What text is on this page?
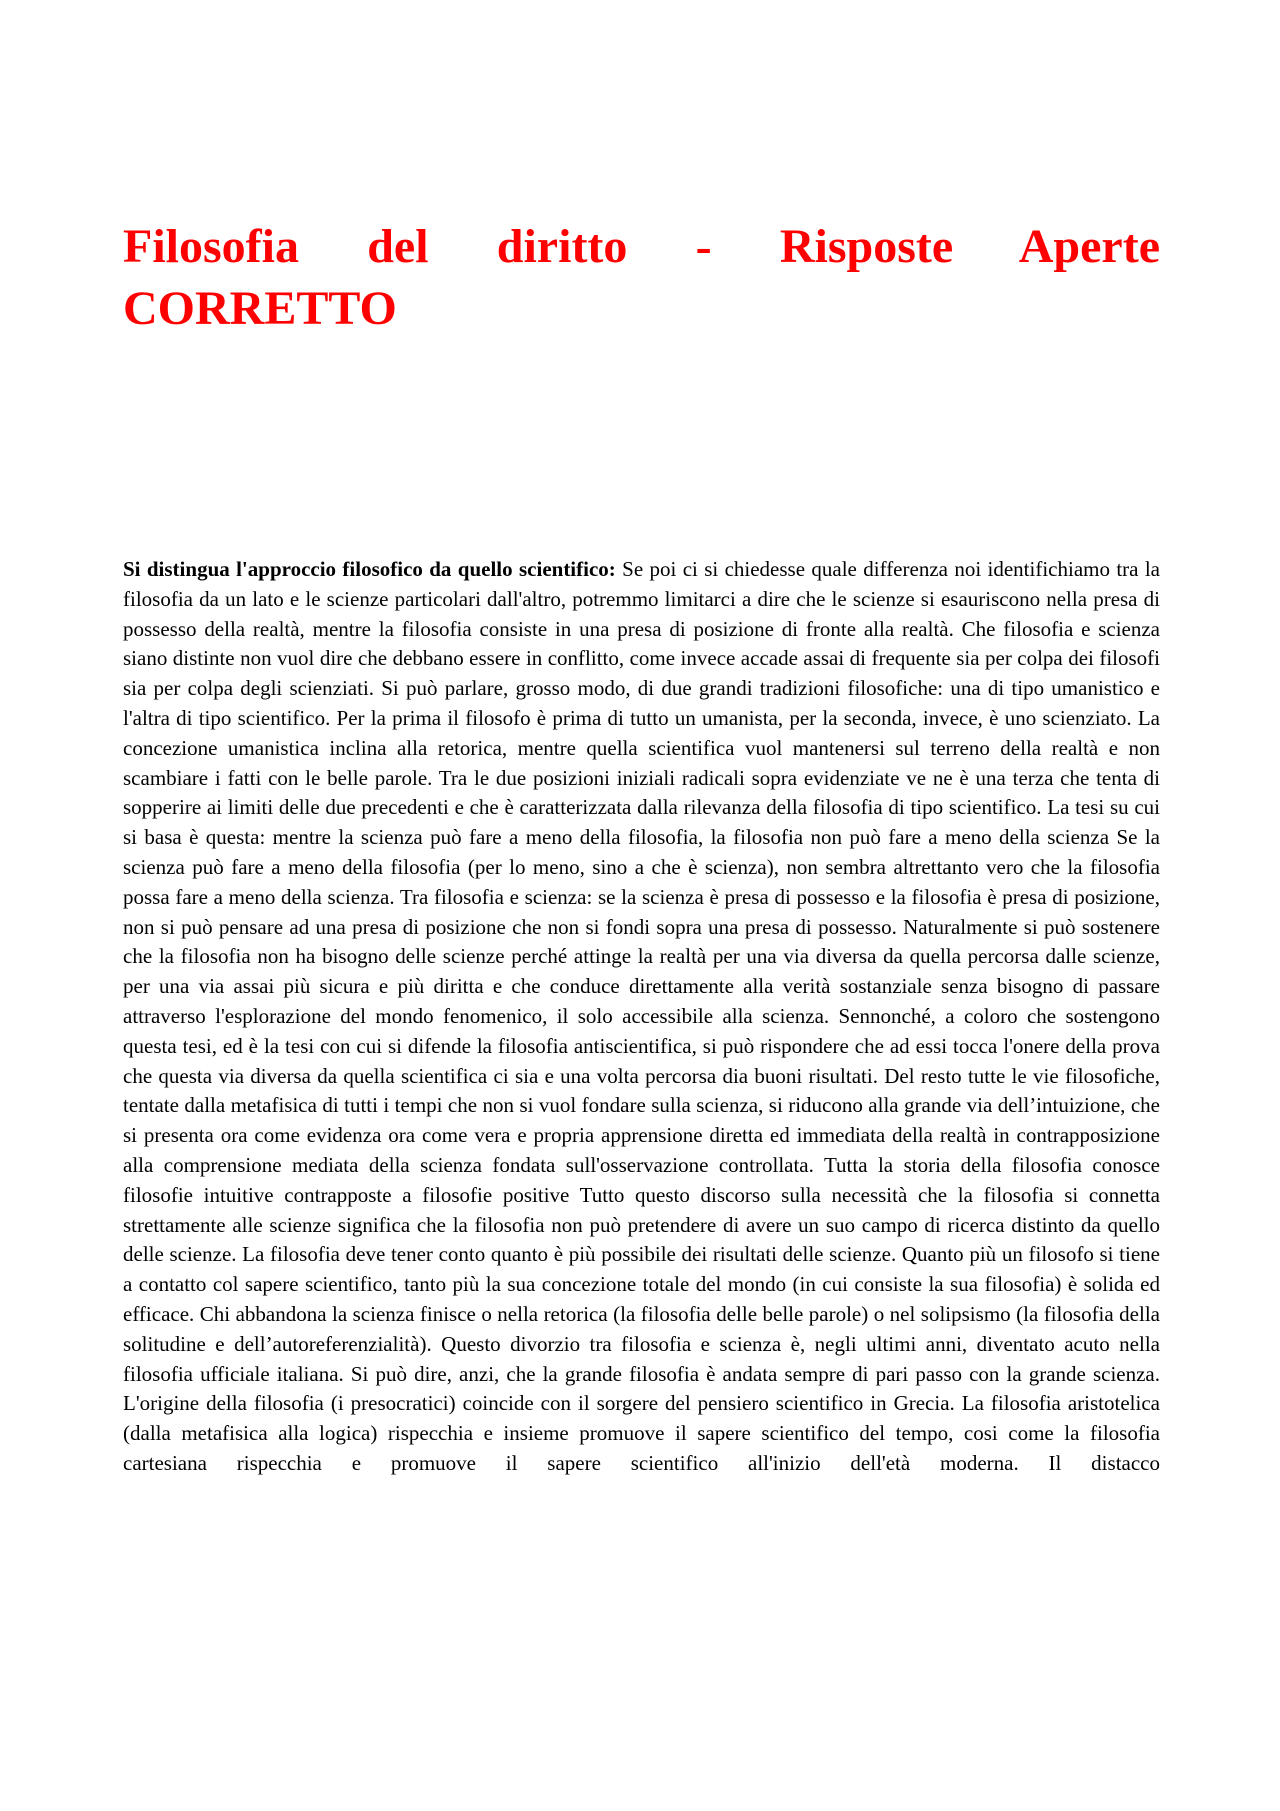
Filosofia del diritto - Risposte Aperte CORRETTO

Si distingua l'approccio filosofico da quello scientifico: Se poi ci si chiedesse quale differenza noi identifichiamo tra la filosofia da un lato e le scienze particolari dall'altro, potremmo limitarci a dire che le scienze si esauriscono nella presa di possesso della realtà, mentre la filosofia consiste in una presa di posizione di fronte alla realtà. Che filosofia e scienza siano distinte non vuol dire che debbano essere in conflitto, come invece accade assai di frequente sia per colpa dei filosofi sia per colpa degli scienziati. Si può parlare, grosso modo, di due grandi tradizioni filosofiche: una di tipo umanistico e l'altra di tipo scientifico. Per la prima il filosofo è prima di tutto un umanista, per la seconda, invece, è uno scienziato. La concezione umanistica inclina alla retorica, mentre quella scientifica vuol mantenersi sul terreno della realtà e non scambiare i fatti con le belle parole. Tra le due posizioni iniziali radicali sopra evidenziate ve ne è una terza che tenta di sopperire ai limiti delle due precedenti e che è caratterizzata dalla rilevanza della filosofia di tipo scientifico. La tesi su cui si basa è questa: mentre la scienza può fare a meno della filosofia, la filosofia non può fare a meno della scienza Se la scienza può fare a meno della filosofia (per lo meno, sino a che è scienza), non sembra altrettanto vero che la filosofia possa fare a meno della scienza. Tra filosofia e scienza: se la scienza è presa di possesso e la filosofia è presa di posizione, non si può pensare ad una presa di posizione che non si fondi sopra una presa di possesso. Naturalmente si può sostenere che la filosofia non ha bisogno delle scienze perché attinge la realtà per una via diversa da quella percorsa dalle scienze, per una via assai più sicura e più diritta e che conduce direttamente alla verità sostanziale senza bisogno di passare attraverso l'esplorazione del mondo fenomenico, il solo accessibile alla scienza. Sennonché, a coloro che sostengono questa tesi, ed è la tesi con cui si difende la filosofia antiscientifica, si può rispondere che ad essi tocca l'onere della prova che questa via diversa da quella scientifica ci sia e una volta percorsa dia buoni risultati. Del resto tutte le vie filosofiche, tentate dalla metafisica di tutti i tempi che non si vuol fondare sulla scienza, si riducono alla grande via dell’intuizione, che si presenta ora come evidenza ora come vera e propria apprensione diretta ed immediata della realtà in contrapposizione alla comprensione mediata della scienza fondata sull'osservazione controllata. Tutta la storia della filosofia conosce filosofie intuitive contrapposte a filosofie positive Tutto questo discorso sulla necessità che la filosofia si connetta strettamente alle scienze significa che la filosofia non può pretendere di avere un suo campo di ricerca distinto da quello delle scienze. La filosofia deve tener conto quanto è più possibile dei risultati delle scienze. Quanto più un filosofo si tiene a contatto col sapere scientifico, tanto più la sua concezione totale del mondo (in cui consiste la sua filosofia) è solida ed efficace. Chi abbandona la scienza finisce o nella retorica (la filosofia delle belle parole) o nel solipsismo (la filosofia della solitudine e dell’autoreferenzialità). Questo divorzio tra filosofia e scienza è, negli ultimi anni, diventato acuto nella filosofia ufficiale italiana. Si può dire, anzi, che la grande filosofia è andata sempre di pari passo con la grande scienza. L'origine della filosofia (i presocratici) coincide con il sorgere del pensiero scientifico in Grecia. La filosofia aristotelica (dalla metafisica alla logica) rispecchia e insieme promuove il sapere scientifico del tempo, cosi come la filosofia cartesiana rispecchia e promuove il sapere scientifico all'inizio dell'età moderna. Il distacco
